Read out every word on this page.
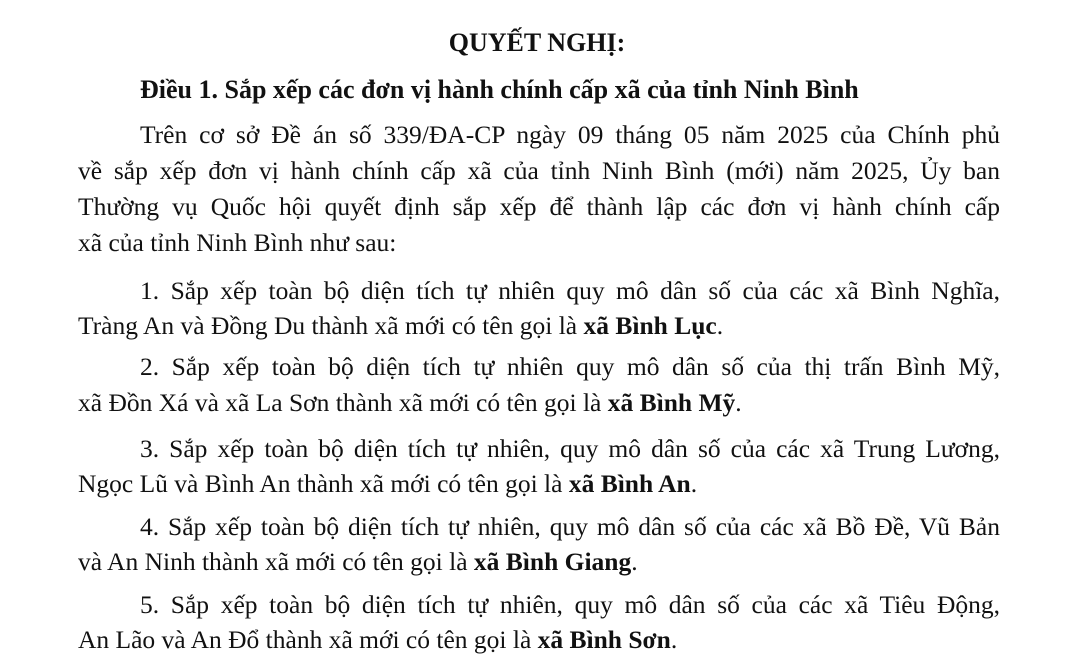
QUYẾT NGHỊ:
Điều 1. Sắp xếp các đơn vị hành chính cấp xã của tỉnh Ninh Bình
Trên cơ sở Đề án số 339/ĐA-CP ngày 09 tháng 05 năm 2025 của Chính phủ
về sắp xếp đơn vị hành chính cấp xã của tỉnh Ninh Bình (mới) năm 2025, Ủy ban
Thường vụ Quốc hội quyết định sắp xếp để thành lập các đơn vị hành chính cấp
xã của tỉnh Ninh Bình như sau:
1. Sắp xếp toàn bộ diện tích tự nhiên quy mô dân số của các xã Bình Nghĩa,
Tràng An và Đồng Du thành xã mới có tên gọi là xã Bình Lục.
2. Sắp xếp toàn bộ diện tích tự nhiên quy mô dân số của thị trấn Bình Mỹ,
xã Đồn Xá và xã La Sơn thành xã mới có tên gọi là xã Bình Mỹ.
3. Sắp xếp toàn bộ diện tích tự nhiên, quy mô dân số của các xã Trung Lương,
Ngọc Lũ và Bình An thành xã mới có tên gọi là xã Bình An.
4. Sắp xếp toàn bộ diện tích tự nhiên, quy mô dân số của các xã Bồ Đề, Vũ Bản
và An Ninh thành xã mới có tên gọi là xã Bình Giang.
5. Sắp xếp toàn bộ diện tích tự nhiên, quy mô dân số của các xã Tiêu Động,
An Lão và An Đổ thành xã mới có tên gọi là xã Bình Sơn.
